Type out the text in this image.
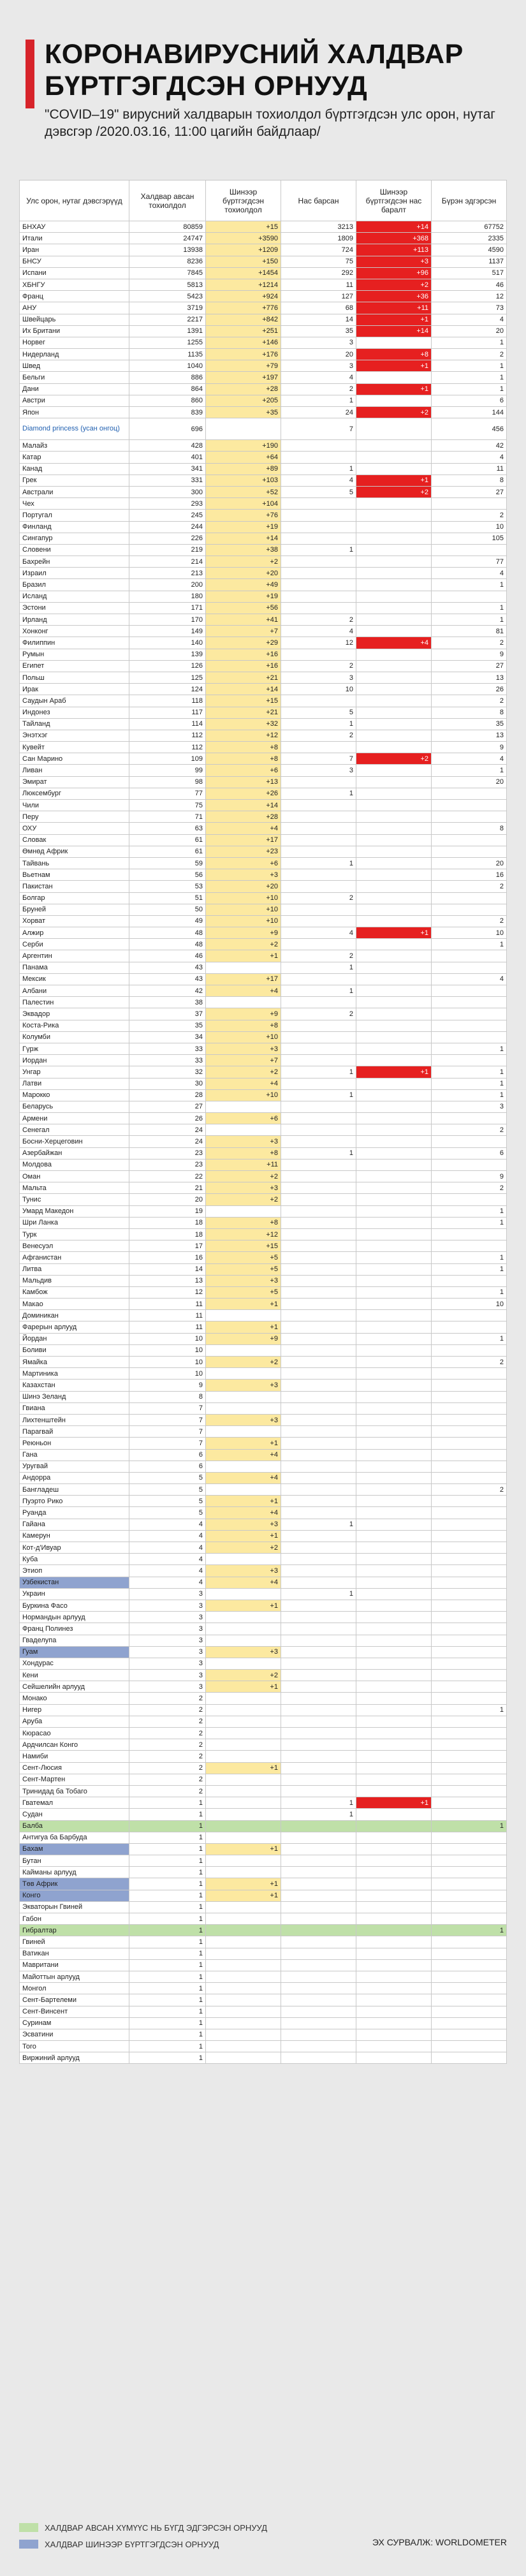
КОРОНАВИРУСНИЙ ХАЛДВАР
БҮРТГЭГДСЭН ОРНУУД
"COVID–19" вирусний халдварын тохиолдол бүртгэгдсэн улс орон, нутаг дэвсгэр /2020.03.16, 11:00 цагийн байдлаар/
Улс орон, нутаг дэвсгэрүүд	Халдвар авсан тохиолдол	Шинээр бүртгэгдсэн тохиолдол	Нас барсан	Шинээр бүртгэгдсэн нас баралт	Бүрэн эдгэрсэн
БНХАУ	80859	+15	3213	+14	67752
Итали	24747	+3590	1809	+368	2335
Иран	13938	+1209	724	+113	4590
БНСУ	8236	+150	75	+3	1137
Испани	7845	+1454	292	+96	517
ХБНГУ	5813	+1214	11	+2	46
Франц	5423	+924	127	+36	12
АНУ	3719	+776	68	+11	73
Швейцарь	2217	+842	14	+1	4
Их Британи	1391	+251	35	+14	20
Норвег	1255	+146	3		1
Нидерланд	1135	+176	20	+8	2
Швед	1040	+79	3	+1	1
Бельги	886	+197	4		1
Дани	864	+28	2	+1	1
Австри	860	+205	1		6
Япон	839	+35	24	+2	144
Diamond princess (усан онгоц)	696		7		456
Малайз	428	+190			42
Катар	401	+64			4
Канад	341	+89	1		11
Грек	331	+103	4	+1	8
Австрали	300	+52	5	+2	27
Чех	293	+104			
Португал	245	+76			2
Финланд	244	+19			10
Сингапур	226	+14			105
Словени	219	+38	1		
Бахрейн	214	+2			77
Израил	213	+20			4
Бразил	200	+49			1
Исланд	180	+19			
Эстони	171	+56			1
Ирланд	170	+41	2		1
Хонконг	149	+7	4		81
Филиппин	140	+29	12	+4	2
Румын	139	+16			9
Египет	126	+16	2		27
Польш	125	+21	3		13
Ирак	124	+14	10		26
Саудын Араб	118	+15			2
Индонез	117	+21	5		8
Тайланд	114	+32	1		35
Энэтхэг	112	+12	2		13
Кувейт	112	+8			9
Сан Марино	109	+8	7	+2	4
Ливан	99	+6	3		1
Эмират	98	+13			20
Люксембург	77	+26	1		
Чили	75	+14			
Перу	71	+28			
ОХУ	63	+4			8
Словак	61	+17			
Өмнөд Африк	61	+23			
Тайвань	59	+6	1		20
Вьетнам	56	+3			16
Пакистан	53	+20			2
Болгар	51	+10	2		
Бруней	50	+10			
Хорват	49	+10			2
Алжир	48	+9	4	+1	10
Серби	48	+2			1
Аргентин	46	+1	2		
Панама	43		1		
Мексик	43	+17			4
Албани	42	+4	1		
Палестин	38				
Эквадор	37	+9	2		
Коста-Рика	35	+8			
Колумби	34	+10			
Гүрж	33	+3			1
Иордан	33	+7			
Унгар	32	+2	1	+1	1
Латви	30	+4			1
Мароккo	28	+10	1		1
Беларусь	27				3
Армени	26	+6			
Сенегал	24				2
Босни-Херцеговин	24	+3			
Азербайжан	23	+8	1		6
Молдова	23	+11			
Оман	22	+2			9
Мальта	21	+3			2
Тунис	20	+2			
Умард Македон	19				1
Шри Ланка	18	+8			1
Турк	18	+12			
Венесуэл	17	+15			
Афганистан	16	+5			1
Литва	14	+5			1
Мальдив	13	+3			
Камбож	12	+5			1
Макао	11	+1			10
Доминикан	11				
Фарерын арлууд	11	+1			
Йордан	10	+9			1
Боливи	10				
Ямайка	10	+2			2
Мартиника	10				
Казахстан	9	+3			
Шинэ Зеланд	8				
Гвиана	7				
Лихтенштейн	7	+3			
Парагвай	7				
Реюньон	7	+1			
Гана	6	+4			
Уругвай	6				
Андорра	5	+4			
Бангладеш	5				2
Пуэрто Рико	5	+1			
Руанда	5	+4			
Гайана	4	+3	1		
Камерун	4	+1			
Кот-д'Ивуар	4	+2			
Куба	4				
Этиоп	4	+3			
Узбекистан	4	+4			
Украин	3		1		
Буркина Фасо	3	+1			
Нормандын арлууд	3				
Франц Полинез	3				
Гваделупа	3				
Гуам	3	+3			
Хондурас	3				
Кени	3	+2			
Сейшелийн арлууд	3	+1			
Монако	2				
Нигер	2				1
Аруба	2				
Кюрасао	2				
Ардчилсан Конго	2				
Намиби	2				
Сент-Люсия	2	+1			
Сент-Мартен	2				
Тринидад ба Тобаго	2				
Гватемал	1		1	+1	
Судан	1		1		
Балба	1				1
Антигуа ба Барбуда	1				
Бахам	1	+1			
Бутан	1				
Кайманы арлууд	1				
Төв Африк	1	+1			
Конго	1	+1			
Экваторын Гвиней	1				
Габон	1				
Гибралтар	1				1
Гвиней	1				
Ватикан	1				
Мавритани	1				
Майоттын арлууд	1				
Монгол	1				
Сент-Бартелеми	1				
Сент-Винсент	1				
Суринам	1				
Эсватини	1				
Того	1				
Виржиний арлууд	1				
ХАЛДВАР АВСАН ХҮМҮҮС НЬ БҮГД ЭДГЭРСЭН ОРНУУД
ХАЛДВАР ШИНЭЭР БҮРТГЭГДСЭН ОРНУУД	ЭХ СУРВАЛЖ: WORLDOMETER
